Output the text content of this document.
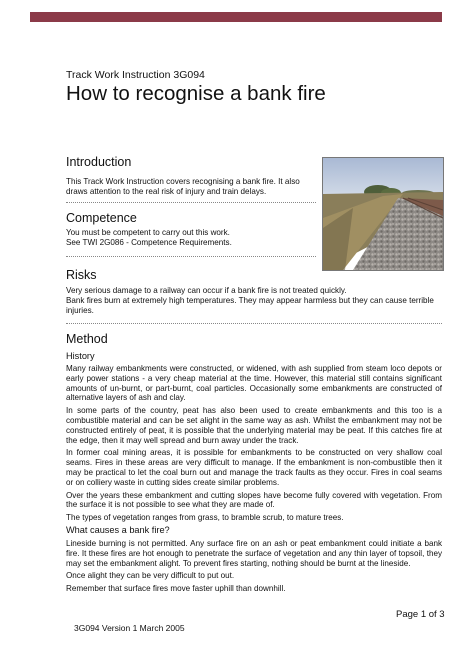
Track Work Instruction 3G094
How to recognise a bank fire
Introduction

This Track Work Instruction covers recognising a bank fire. It also draws attention to the real risk of injury and train delays.

Competence

You must be competent to carry out this work.

See TWI 2G086 - Competence Requirements.

Risks

Very serious damage to a railway can occur if a bank fire is not treated quickly.

Bank fires burn at extremely high temperatures. They may appear harmless but they can cause terrible injuries.

Method
History

Many railway embankments were constructed, or widened, with ash supplied from steam loco depots or early power stations - a very cheap material at the time. However, this material still contains significant amounts of un-burnt, or part-burnt, coal particles. Occasionally some embankments are constructed of alternative layers of ash and clay.

In some parts of the country, peat has also been used to create embankments and this too is a combustible material and can be set alight in the same way as ash. Whilst the embankment may not be constructed entirely of peat, it is possible that the underlying material may be peat. If this catches fire at the edge, then it may well spread and burn away under the track.

In former coal mining areas, it is possible for embankments to be constructed on very shallow coal seams. Fires in these areas are very difficult to manage. If the embankment is non-combustible then it may be practical to let the coal burn out and manage the track faults as they occur. Fires in coal seams or on colliery waste in cutting sides create similar problems.

Over the years these embankment and cutting slopes have become fully covered with vegetation. From the surface it is not possible to see what they are made of.

The types of vegetation ranges from grass, to bramble scrub, to mature trees.

What causes a bank fire?

Lineside burning is not permitted. Any surface fire on an ash or peat embankment could initiate a bank fire. It these fires are hot enough to penetrate the surface of vegetation and any thin layer of topsoil, they may set the embankment alight. To prevent fires starting, nothing should be burnt at the lineside.

Once alight they can be very difficult to put out.

Remember that surface fires move faster uphill than downhill.

Page 1 of 3
3G094 Version 1 March 2005
